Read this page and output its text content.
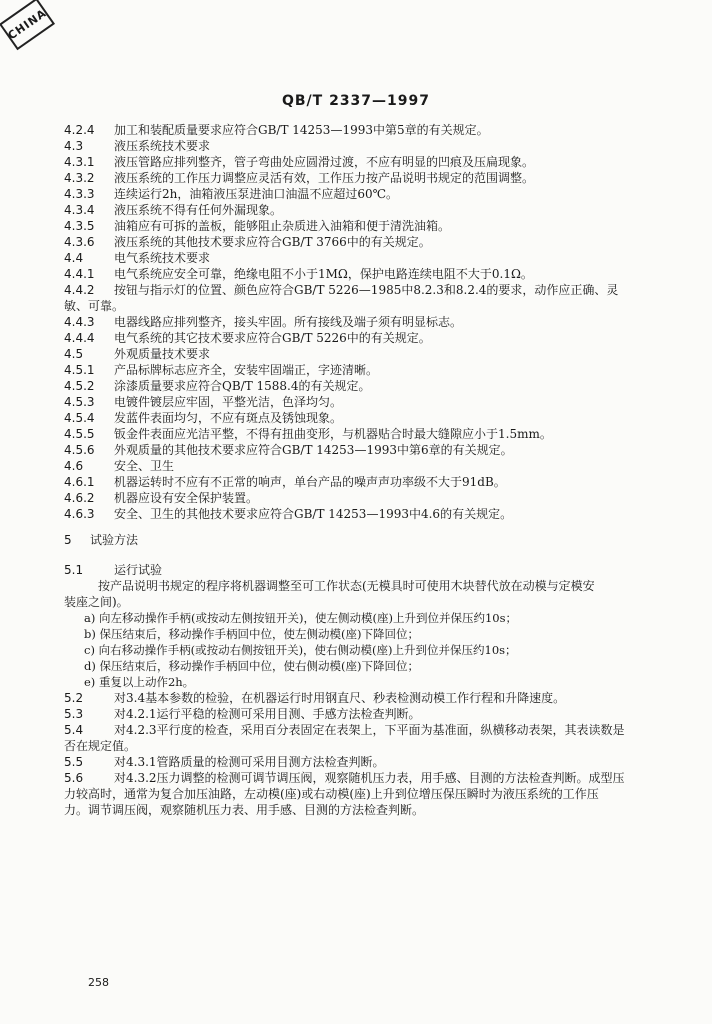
CHINA
QB/T 2337—1997
4.2.4 加工和装配质量要求应符合GB/T 14253—1993中第5章的有关规定。
4.3	液压系统技术要求
4.3.1 液压管路应排列整齐，管子弯曲处应圆滑过渡，不应有明显的凹痕及压扁现象。
4.3.2 液压系统的工作压力调整应灵活有效，工作压力按产品说明书规定的范围调整。
4.3.3 连续运行2h，油箱液压泵进油口油温不应超过60℃。
4.3.4 液压系统不得有任何外漏现象。
4.3.5 油箱应有可拆的盖板，能够阻止杂质进入油箱和便于清洗油箱。
4.3.6 液压系统的其他技术要求应符合GB/T 3766中的有关规定。
4.4	电气系统技术要求
4.4.1 电气系统应安全可靠，绝缘电阻不小于1MΩ，保护电路连续电阻不大于0.1Ω。
4.4.2 按钮与指示灯的位置、颜色应符合GB/T 5226—1985中8.2.3和8.2.4的要求，动作应正确、灵
敏、可靠。
4.4.3 电器线路应排列整齐，接头牢固。所有接线及端子须有明显标志。
4.4.4 电气系统的其它技术要求应符合GB/T 5226中的有关规定。
4.5	外观质量技术要求
4.5.1 产品标牌标志应齐全，安装牢固端正，字迹清晰。
4.5.2 涂漆质量要求应符合QB/T 1588.4的有关规定。
4.5.3 电镀件镀层应牢固，平整光洁，色泽均匀。
4.5.4 发蓝件表面均匀，不应有斑点及锈蚀现象。
4.5.5 钣金件表面应光洁平整，不得有扭曲变形，与机器贴合时最大缝隙应小于1.5mm。
4.5.6 外观质量的其他技术要求应符合GB/T 14253—1993中第6章的有关规定。
4.6	安全、卫生
4.6.1 机器运转时不应有不正常的响声，单台产品的噪声声功率级不大于91dB。
4.6.2 机器应设有安全保护装置。
4.6.3 安全、卫生的其他技术要求应符合GB/T 14253—1993中4.6的有关规定。
5 试验方法
5.1	运行试验
按产品说明书规定的程序将机器调整至可工作状态(无模具时可使用木块替代放在动模与定模安
装座之间)。
a) 向左移动操作手柄(或按动左侧按钮开关)，使左侧动模(座)上升到位并保压约10s；
b) 保压结束后，移动操作手柄回中位，使左侧动模(座)下降回位；
c) 向右移动操作手柄(或按动右侧按钮开关)，使右侧动模(座)上升到位并保压约10s；
d) 保压结束后，移动操作手柄回中位，使右侧动模(座)下降回位；
e) 重复以上动作2h。
5.2	对3.4基本参数的检验，在机器运行时用钢直尺、秒表检测动模工作行程和升降速度。
5.3	对4.2.1运行平稳的检测可采用目测、手感方法检查判断。
5.4	对4.2.3平行度的检查，采用百分表固定在表架上，下平面为基准面，纵横移动表架，其表读数是
否在规定值。
5.5	对4.3.1管路质量的检测可采用目测方法检查判断。
5.6	对4.3.2压力调整的检测可调节调压阀，观察随机压力表，用手感、目测的方法检查判断。成型压
力较高时，通常为复合加压油路，左动模(座)或右动模(座)上升到位增压保压瞬时为液压系统的工作压
力。调节调压阀，观察随机压力表、用手感、目测的方法检查判断。
258
